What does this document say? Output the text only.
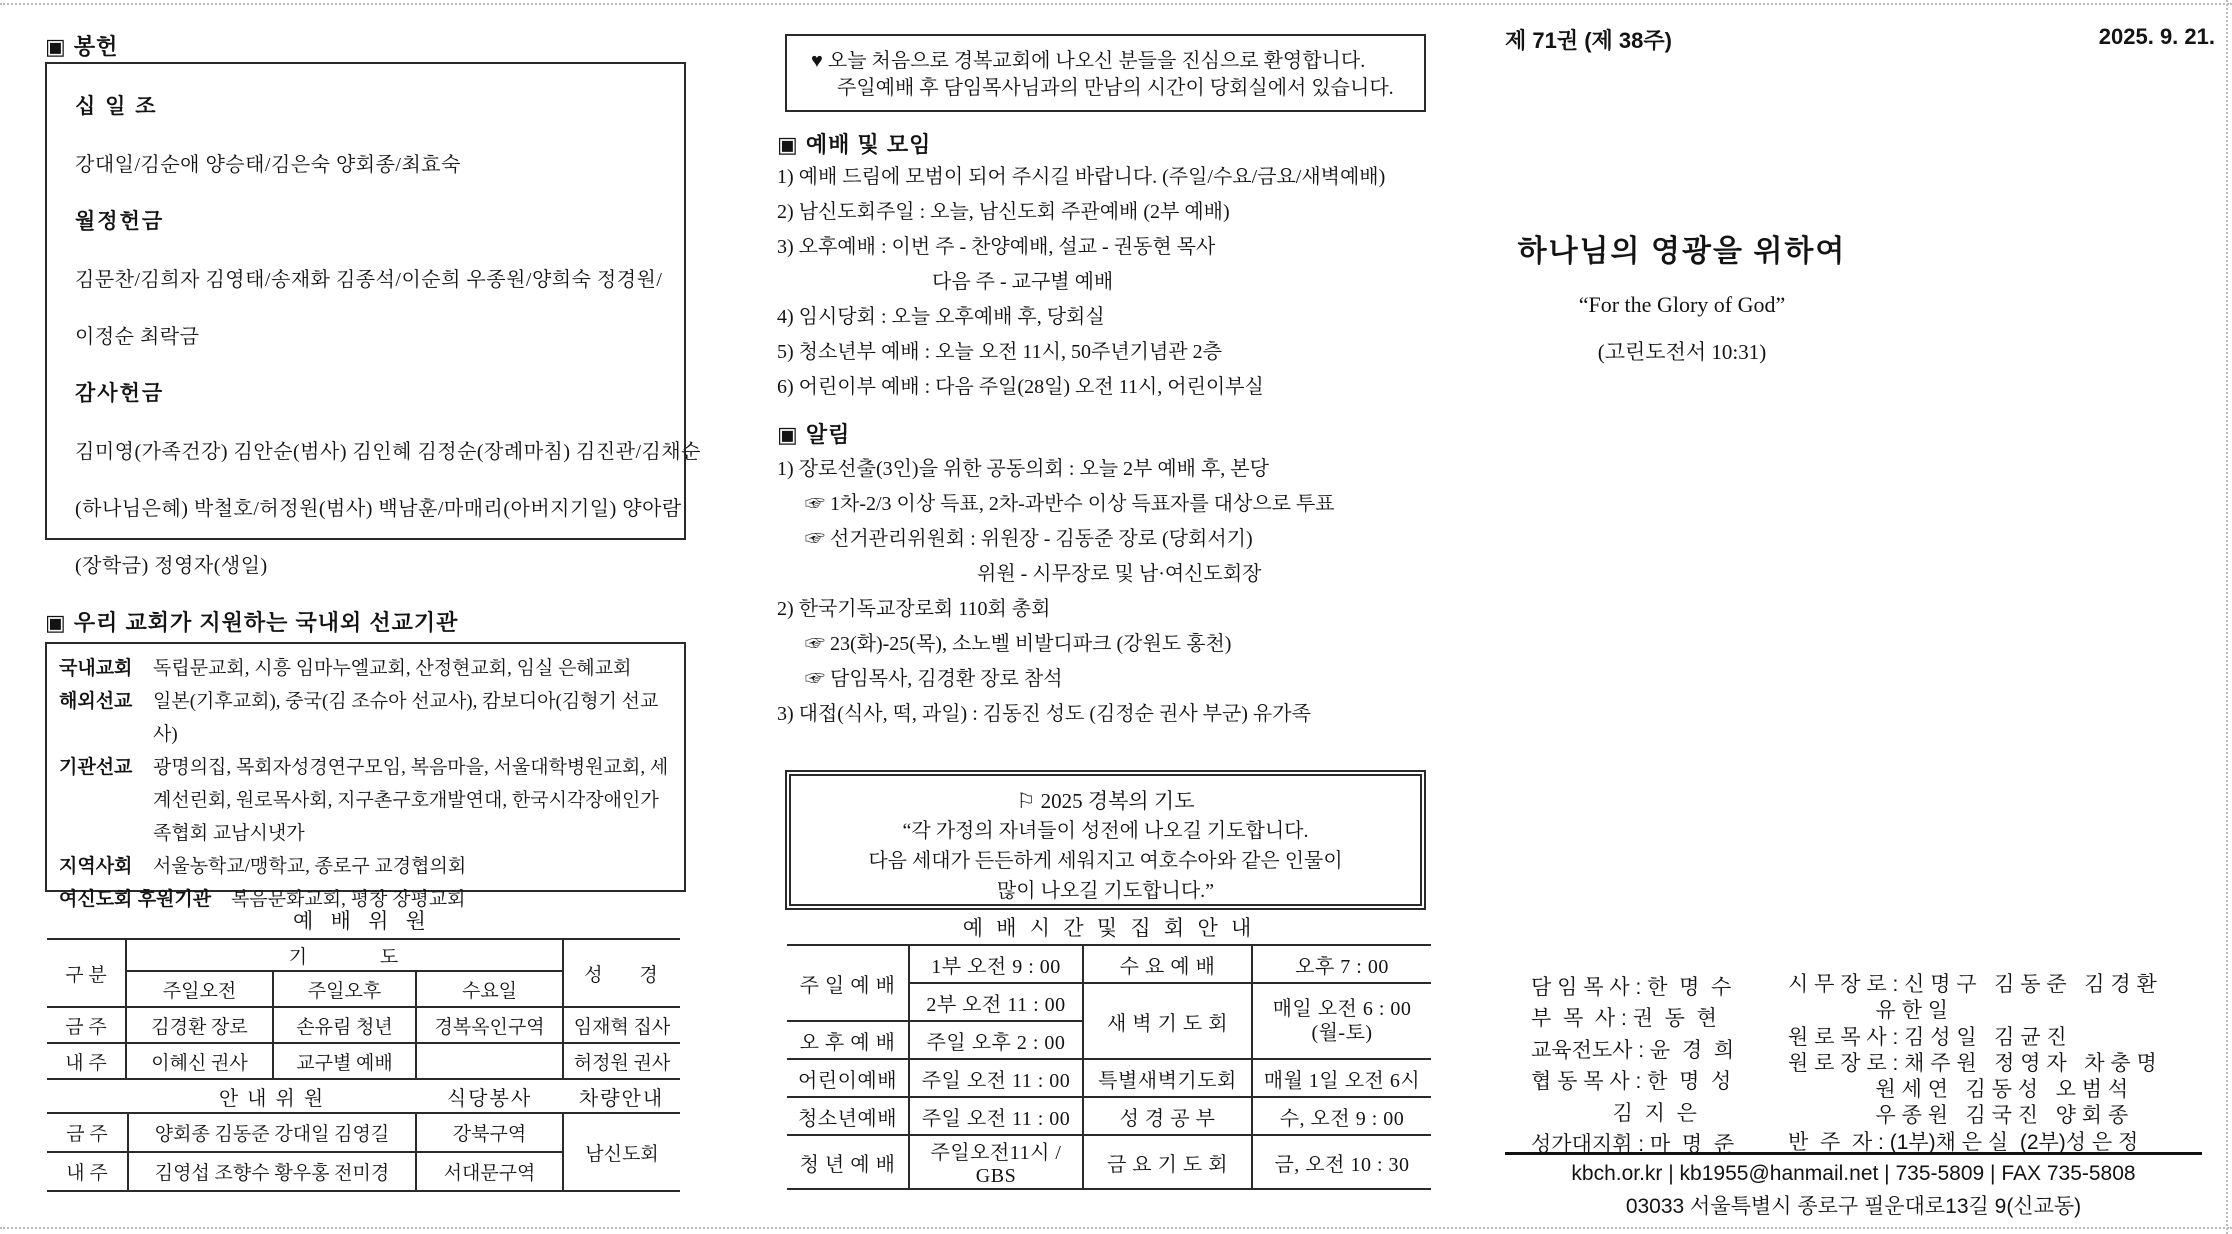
▣ 봉헌
십 일 조
강대일/김순애 양승태/김은숙 양회종/최효숙
월정헌금
김문찬/김희자 김영태/송재화 김종석/이순희 우종원/양희숙 정경원/
이정순 최락금
감사헌금
김미영(가족건강) 김안순(범사) 김인혜 김정순(장례마침) 김진관/김채순
(하나님은혜) 박철호/허정원(범사) 백남훈/마매리(아버지기일) 양아람
(장학금) 정영자(생일)
▣ 우리 교회가 지원하는 국내외 선교기관
국내교회	독립문교회, 시흥 임마누엘교회, 산정현교회, 임실 은혜교회
해외선교	일본(기후교회), 중국(김 조슈아 선교사), 캄보디아(김형기 선교사)
기관선교	광명의집, 목회자성경연구모임, 복음마을, 서울대학병원교회, 세계선린회, 원로목사회, 지구촌구호개발연대, 한국시각장애인가족협회 교남시냇가
지역사회	서울농학교/맹학교, 종로구 교경협의회
여신도회 후원기관	복음문화교회, 평창 장평교회
예 배 위 원
구 분	기 도			성 경
	주일오전	주일오후	수요일	
금 주	김경환 장로	손유림 청년	경복옥인구역	임재혁 집사
내 주	이혜신 권사	교구별 예배		허정원 권사
안 내 위 원	식당봉사	차량안내
금 주	양회종 김동준 강대일 김영길	강북구역	남신도회
내 주	김영섭 조향수 황우홍 전미경	서대문구역	
♥ 오늘 처음으로 경복교회에 나오신 분들을 진심으로 환영합니다.
주일예배 후 담임목사님과의 만남의 시간이 당회실에서 있습니다.
▣ 예배 및 모임
1) 예배 드림에 모범이 되어 주시길 바랍니다. (주일/수요/금요/새벽예배)
2) 남신도회주일 : 오늘, 남신도회 주관예배 (2부 예배)
3) 오후예배 : 이번 주 - 찬양예배, 설교 - 권동현 목사
다음 주 - 교구별 예배
4) 임시당회 : 오늘 오후예배 후, 당회실
5) 청소년부 예배 : 오늘 오전 11시, 50주년기념관 2층
6) 어린이부 예배 : 다음 주일(28일) 오전 11시, 어린이부실
▣ 알림
1) 장로선출(3인)을 위한 공동의회 : 오늘 2부 예배 후, 본당
☞ 1차-2/3 이상 득표, 2차-과반수 이상 득표자를 대상으로 투표
☞ 선거관리위원회 : 위원장 - 김동준 장로 (당회서기)
위원 - 시무장로 및 남·여신도회장
2) 한국기독교장로회 110회 총회
☞ 23(화)-25(목), 소노벨 비발디파크 (강원도 홍천)
☞ 담임목사, 김경환 장로 참석
3) 대접(식사, 떡, 과일) : 김동진 성도 (김정순 권사 부군) 유가족
⚐ 2025 경복의 기도
“각 가정의 자녀들이 성전에 나오길 기도합니다.
다음 세대가 든든하게 세워지고 여호수아와 같은 인물이
많이 나오길 기도합니다.”
예 배 시 간 및 집 회 안 내
주 일 예 배	1부 오전 9 : 00	수 요 예 배	오후 7 : 00
	2부 오전 11 : 00	새 벽 기 도 회	매일 오전 6 : 00
(월-토)

오 후 예 배	주일 오후 2 : 00		
어린이예배	주일 오전 11 : 00	특별새벽기도회	매월 1일 오전 6시
청소년예배	주일 오전 11 : 00	성 경 공 부	수, 오전 9 : 00
청 년 예 배	주일오전11시 / GBS	금 요 기 도 회	금, 오전 10 : 30
제 71권 (제 38주)	2025. 9. 21.
하나님의 영광을 위하여
“For the Glory of God”
(고린도전서 10:31)
담 임 목 사 : 한  명  수
부  목  사 : 권  동  현
교육전도사 : 윤  경  희
협 동 목 사 : 한  명  성
김  지  은
성가대지휘 : 마  명  준
시 무 장 로 : 신 명 구   김 동 준   김 경 환
유 한 일
원 로 목 사 : 김 성 일   김 균 진
원 로 장 로 : 채 주 원   정 영 자   차 충 명
원 세 연   김 동 성   오 범 석
우 종 원   김 국 진   양 회 종
반  주  자 : (1부)채 은 실  (2부)성 은 정
kbch.or.kr | kb1955@hanmail.net | 735-5809 | FAX 735-5808
03033 서울특별시 종로구 필운대로13길 9(신교동)
